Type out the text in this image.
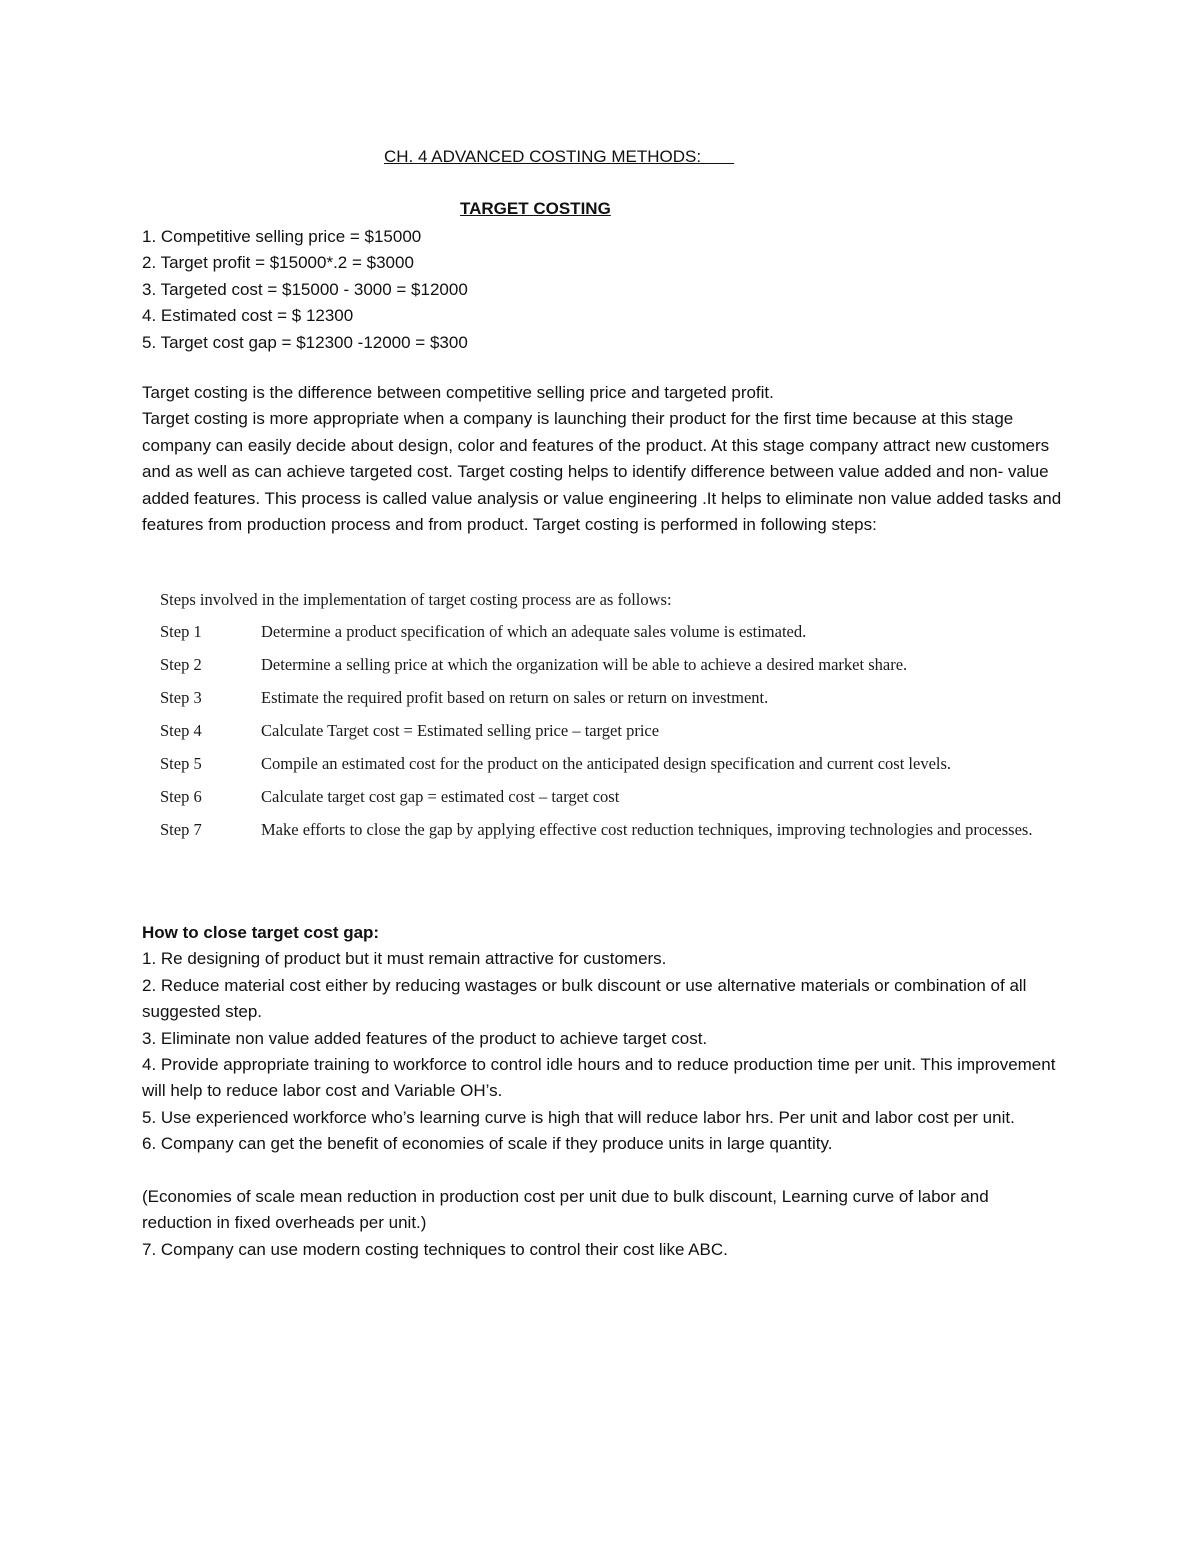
CH. 4 ADVANCED COSTING METHODS:
TARGET COSTING
1. Competitive selling price = $15000
2. Target profit = $15000*.2 = $3000
3. Targeted cost = $15000 - 3000 = $12000
4. Estimated cost = $ 12300
5. Target cost gap = $12300 -12000 = $300

Target costing is the difference between competitive selling price and targeted profit.

Target costing is more appropriate when a company is launching their product for the first time because at this stage company can easily decide about design, color and features of the product. At this stage company attract new customers and as well as can achieve targeted cost. Target costing helps to identify difference between value added and non- value added features. This process is called value analysis or value engineering .It helps to eliminate non value added tasks and features from production process and from product. Target costing is performed in following steps:

Steps involved in the implementation of target costing process are as follows:
Step 1	Determine a product specification of which an adequate sales volume is estimated.
Step 2	Determine a selling price at which the organization will be able to achieve a desired market share.
Step 3	Estimate the required profit based on return on sales or return on investment.
Step 4	Calculate Target cost = Estimated selling price – target price
Step 5	Compile an estimated cost for the product on the anticipated design specification and current cost levels.
Step 6	Calculate target cost gap = estimated cost – target cost
Step 7	Make efforts to close the gap by applying effective cost reduction techniques, improving technologies and processes.

How to close target cost gap:

1. Re designing of product but it must remain attractive for customers.

2. Reduce material cost either by reducing wastages or bulk discount or use alternative materials or combination of all suggested step.

3. Eliminate non value added features of the product to achieve target cost.

4. Provide appropriate training to workforce to control idle hours and to reduce production time per unit. This improvement will help to reduce labor cost and Variable OH’s.

5. Use experienced workforce who’s learning curve is high that will reduce labor hrs. Per unit and labor cost per unit.

6. Company can get the benefit of economies of scale if they produce units in large quantity.

(Economies of scale mean reduction in production cost per unit due to bulk discount, Learning curve of labor and reduction in fixed overheads per unit.)

7. Company can use modern costing techniques to control their cost like ABC.
